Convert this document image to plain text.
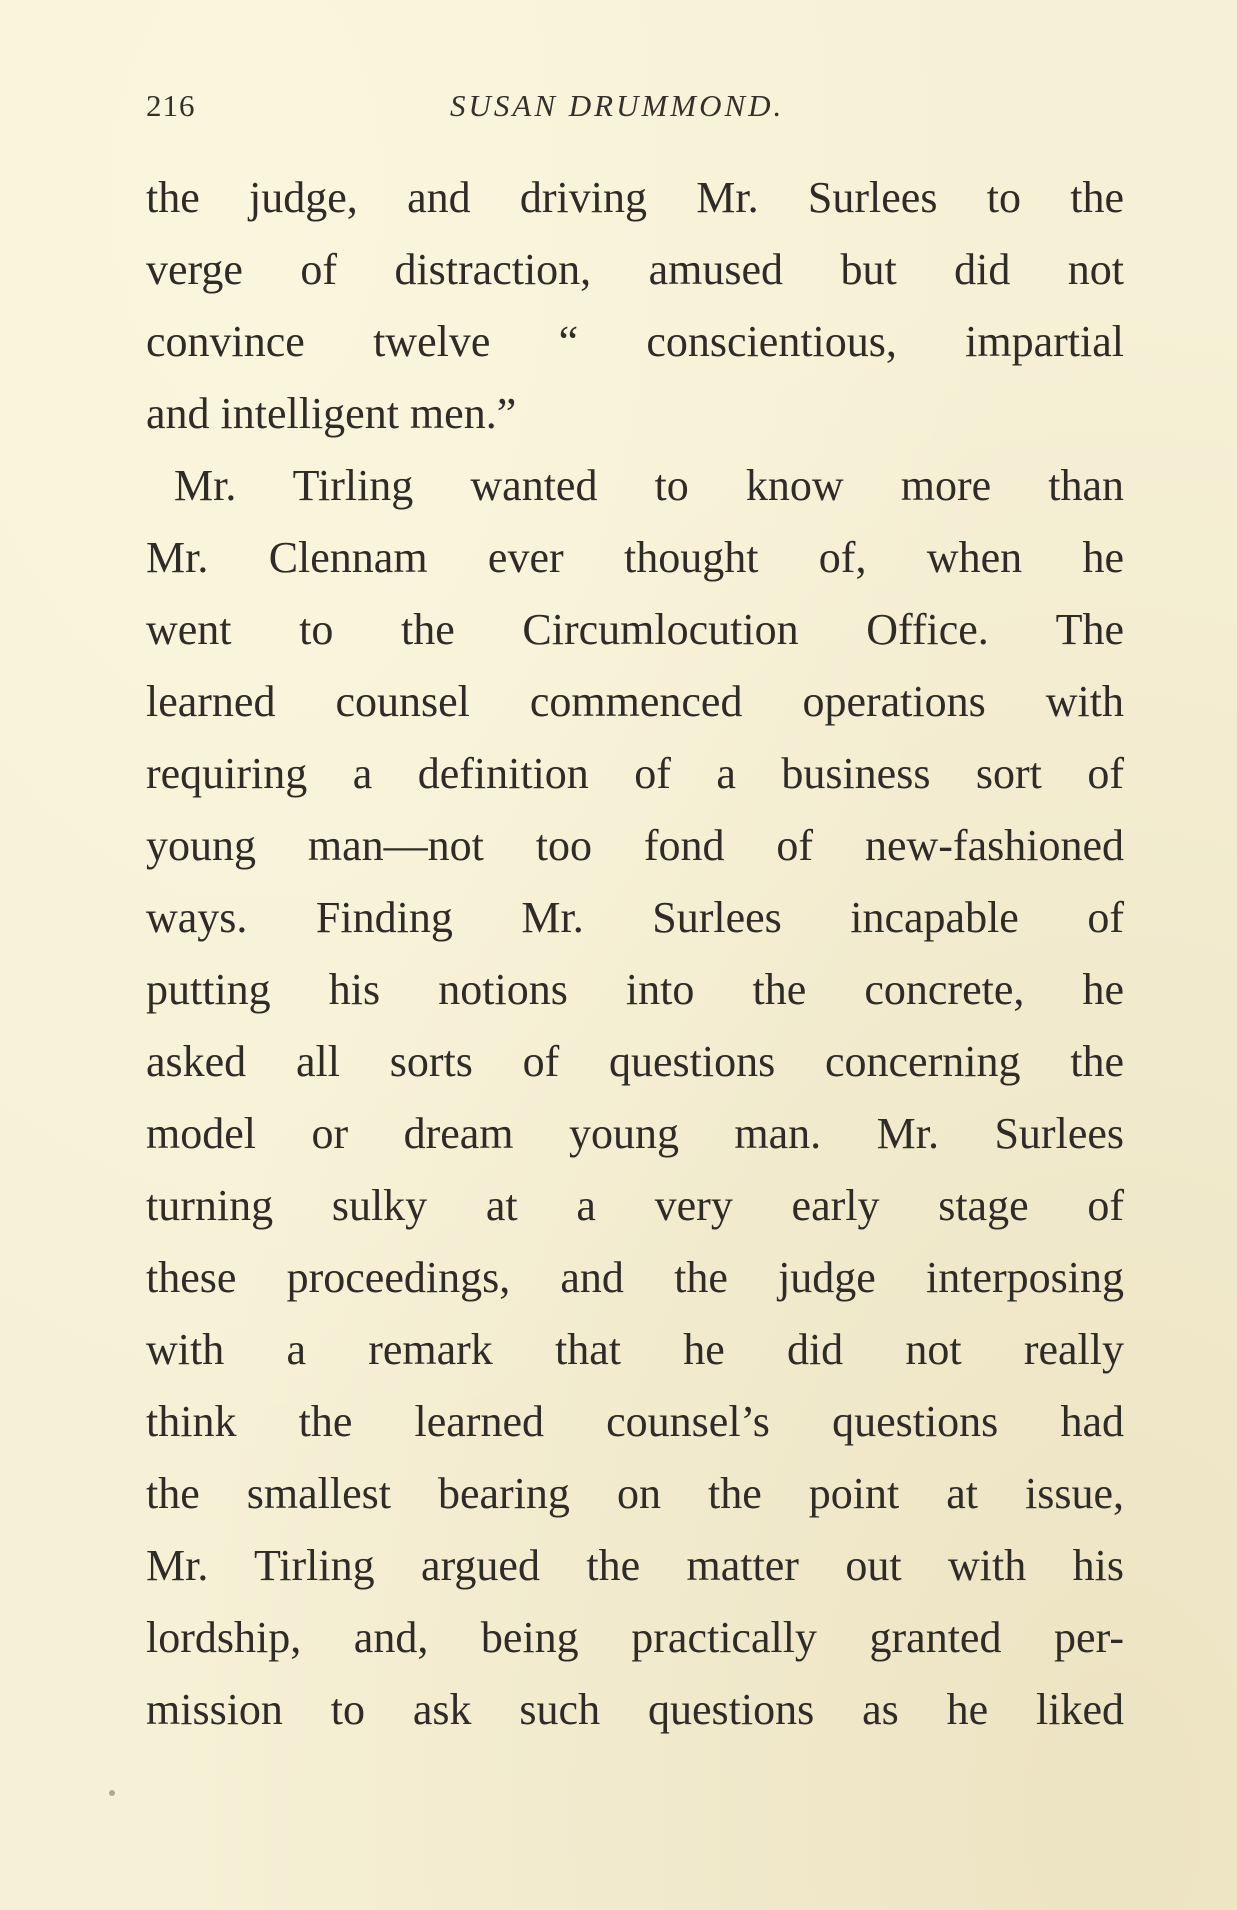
216	SUSAN DRUMMOND.
the judge, and driving Mr. Surlees to the
verge of distraction, amused but did not
convince twelve “ conscientious, impartial
and intelligent men.”
Mr. Tirling wanted to know more than
Mr. Clennam ever thought of, when he
went to the Circumlocution Office. The
learned counsel commenced operations with
requiring a definition of a business sort of
young man—not too fond of new-fashioned
ways. Finding Mr. Surlees incapable of
putting his notions into the concrete, he
asked all sorts of questions concerning the
model or dream young man. Mr. Surlees
turning sulky at a very early stage of
these proceedings, and the judge interposing
with a remark that he did not really
think the learned counsel’s questions had
the smallest bearing on the point at issue,
Mr. Tirling argued the matter out with his
lordship, and, being practically granted per-
mission to ask such questions as he liked
